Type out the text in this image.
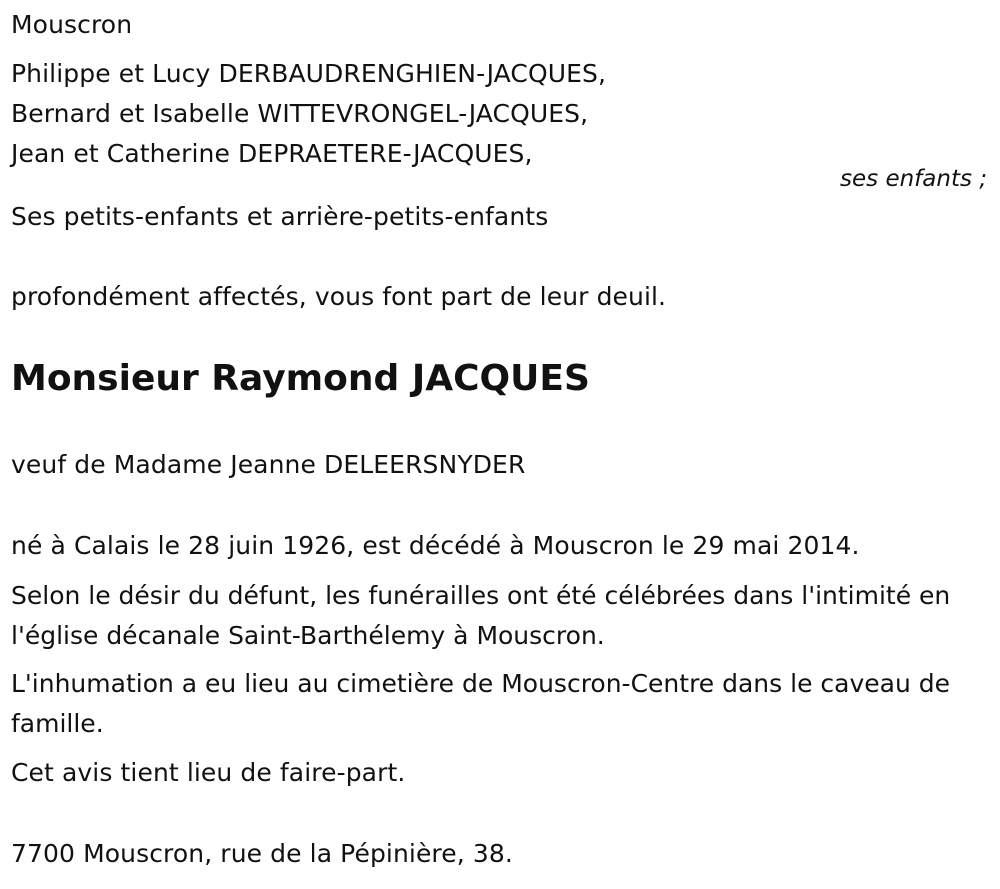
Mouscron
Philippe et Lucy DERBAUDRENGHIEN-JACQUES,
Bernard et Isabelle WITTEVRONGEL-JACQUES,
Jean et Catherine DEPRAETERE-JACQUES,
ses enfants ;
Ses petits-enfants et arrière-petits-enfants
profondément affectés, vous font part de leur deuil.
Monsieur Raymond JACQUES
veuf de Madame Jeanne DELEERSNYDER
né à Calais le 28 juin 1926, est décédé à Mouscron le 29 mai 2014.
Selon le désir du défunt, les funérailles ont été célébrées dans l'intimité en l'église décanale Saint-Barthélemy à Mouscron.
L'inhumation a eu lieu au cimetière de Mouscron-Centre dans le caveau de famille.
Cet avis tient lieu de faire-part.
7700 Mouscron, rue de la Pépinière, 38.
